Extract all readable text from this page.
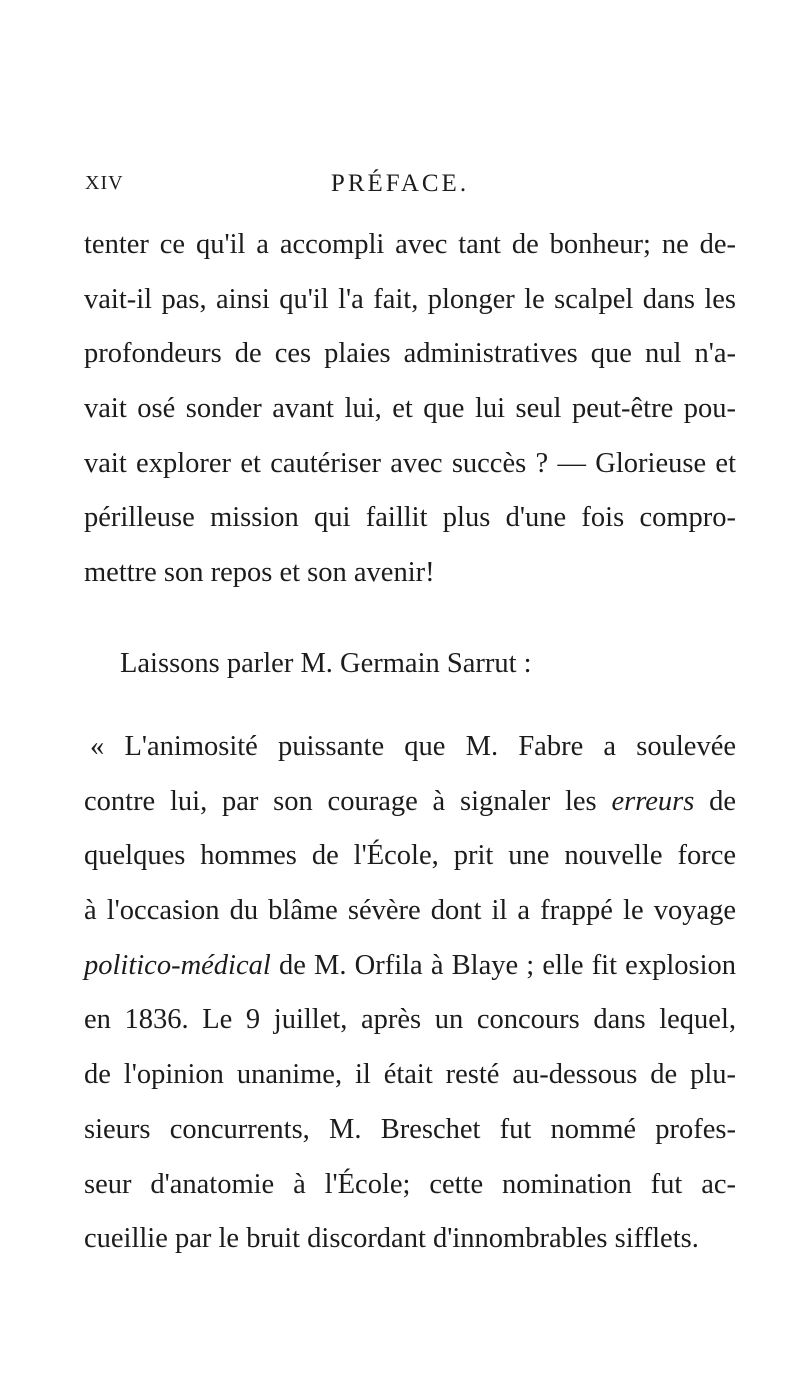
XIV	PRÉFACE.
tenter ce qu'il a accompli avec tant de bonheur; ne de-
vait-il pas, ainsi qu'il l'a fait, plonger le scalpel dans les
profondeurs de ces plaies administratives que nul n'a-
vait osé sonder avant lui, et que lui seul peut-être pou-
vait explorer et cautériser avec succès ? — Glorieuse et
périlleuse mission qui faillit plus d'une fois compro-
mettre son repos et son avenir!
Laissons parler M. Germain Sarrut :
« L'animosité puissante que M. Fabre a soulevée
contre lui, par son courage à signaler les erreurs de
quelques hommes de l'École, prit une nouvelle force
à l'occasion du blâme sévère dont il a frappé le voyage
politico-médical de M. Orfila à Blaye ; elle fit explosion
en 1836. Le 9 juillet, après un concours dans lequel,
de l'opinion unanime, il était resté au-dessous de plu-
sieurs concurrents, M. Breschet fut nommé profes-
seur d'anatomie à l'École; cette nomination fut ac-
cueillie par le bruit discordant d'innombrables sifflets.
